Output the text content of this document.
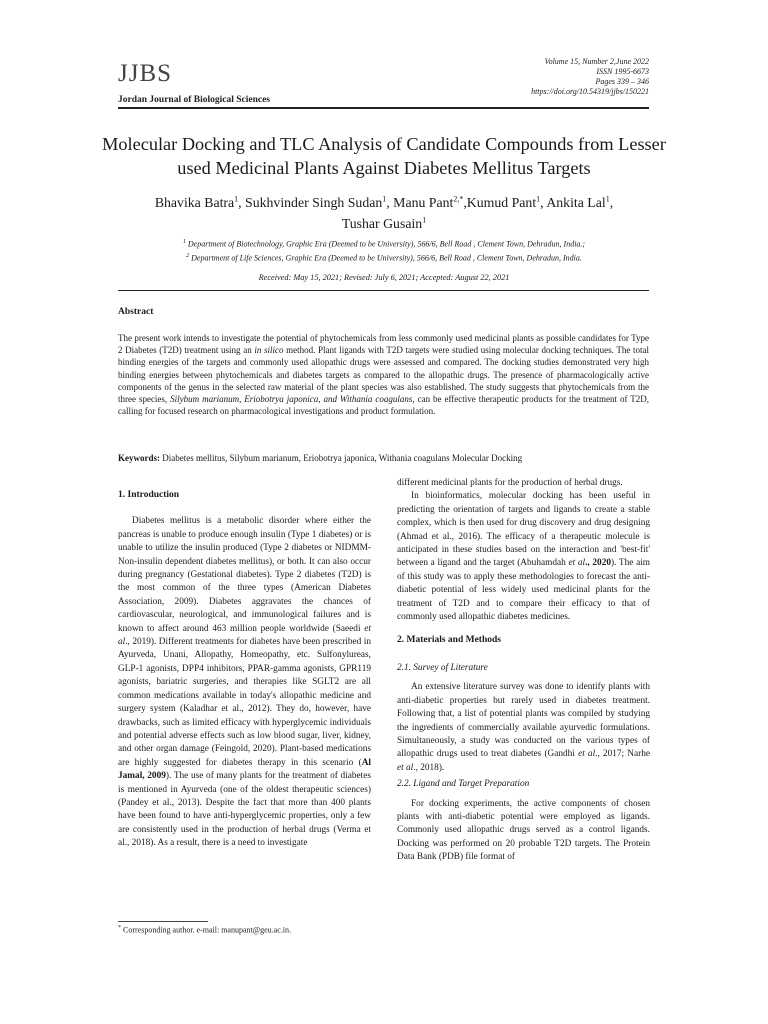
JJBS
Jordan Journal of Biological Sciences
Volume 15, Number 2,June 2022
ISSN 1995-6673
Pages 339 – 346
https://doi.org/10.54319/jjbs/150221
Molecular Docking and TLC Analysis of Candidate Compounds from Lesser used Medicinal Plants Against Diabetes Mellitus Targets
Bhavika Batra$^1$, Sukhvinder Singh Sudan$^1$, Manu Pant$^{2,*}$,Kumud Pant$^1$, Ankita Lal$^1$,
Tushar Gusain$^1$
$^1$ Department of Biotechnology, Graphic Era (Deemed to be University), 566/6, Bell Road , Clement Town, Dehradun, India.;
$^2$ Department of Life Sciences, Graphic Era (Deemed to be University), 566/6, Bell Road , Clement Town, Dehradun, India.
Received: May 15, 2021; Revised: July 6, 2021; Accepted: August 22, 2021
Abstract
The present work intends to investigate the potential of phytochemicals from less commonly used medicinal plants as possible candidates for Type 2 Diabetes (T2D) treatment using an in silico method. Plant ligands with T2D targets were studied using molecular docking techniques. The total binding energies of the targets and commonly used allopathic drugs were assessed and compared. The docking studies demonstrated very high binding energies between phytochemicals and diabetes targets as compared to the allopathic drugs. The presence of pharmacologically active components of the genus in the selected raw material of the plant species was also established. The study suggests that phytochemicals from the three species, Silybum marianum, Eriobotrya japonica, and Withania coagulans, can be effective therapeutic products for the treatment of T2D, calling for focused research on pharmacological investigations and product formulation.
Keywords: Diabetes mellitus, Silybum marianum, Eriobotrya japonica, Withania coagulans Molecular Docking
1. Introduction

Diabetes mellitus is a metabolic disorder where either the pancreas is unable to produce enough insulin (Type 1 diabetes) or is unable to utilize the insulin produced (Type 2 diabetes or NIDMM-Non-insulin dependent diabetes mellitus), or both. It can also occur during pregnancy (Gestational diabetes). Type 2 diabetes (T2D) is the most common of the three types (American Diabetes Association, 2009). Diabetes aggravates the chances of cardiovascular, neurological, and immunological failures and is known to affect around 463 million people worldwide (Saeedi et al., 2019). Different treatments for diabetes have been prescribed in Ayurveda, Unani, Allopathy, Homeopathy, etc. Sulfonylureas, GLP-1 agonists, DPP4 inhibitors, PPAR-gamma agonists, GPR119 agonists, bariatric surgeries, and therapies like SGLT2 are all common medications available in today's allopathic medicine and surgery system (Kaladhar et al., 2012). They do, however, have drawbacks, such as limited efficacy with hyperglycemic individuals and potential adverse effects such as low blood sugar, liver, kidney, and other organ damage (Feingold, 2020). Plant-based medications are highly suggested for diabetes therapy in this scenario (Al Jamal, 2009). The use of many plants for the treatment of diabetes is mentioned in Ayurveda (one of the oldest therapeutic sciences) (Pandey et al., 2013). Despite the fact that more than 400 plants have been found to have anti-hyperglycemic properties, only a few are consistently used in the production of herbal drugs (Verma et al., 2018). As a result, there is a need to investigate

different medicinal plants for the production of herbal drugs.

In bioinformatics, molecular docking has been useful in predicting the orientation of targets and ligands to create a stable complex, which is then used for drug discovery and drug designing (Ahmad et al., 2016). The efficacy of a therapeutic molecule is anticipated in these studies based on the interaction and 'best-fit' between a ligand and the target (Abuhamdah et al., 2020). The aim of this study was to apply these methodologies to forecast the anti-diabetic potential of less widely used medicinal plants for the treatment of T2D and to compare their efficacy to that of commonly used allopathic diabetes medicines.

2. Materials and Methods
2.1. Survey of Literature

An extensive literature survey was done to identify plants with anti-diabetic properties but rarely used in diabetes treatment. Following that, a list of potential plants was compiled by studying the ingredients of commercially available ayurvedic formulations. Simultaneously, a study was conducted on the various types of allopathic drugs used to treat diabetes (Gandhi et al., 2017; Narhe et al., 2018).

2.2. Ligand and Target Preparation

For docking experiments, the active components of chosen plants with anti-diabetic potential were employed as ligands. Commonly used allopathic drugs served as a control ligands. Docking was performed on 20 probable T2D targets. The Protein Data Bank (PDB) file format of

* Corresponding author. e-mail: manupant@geu.ac.in.
